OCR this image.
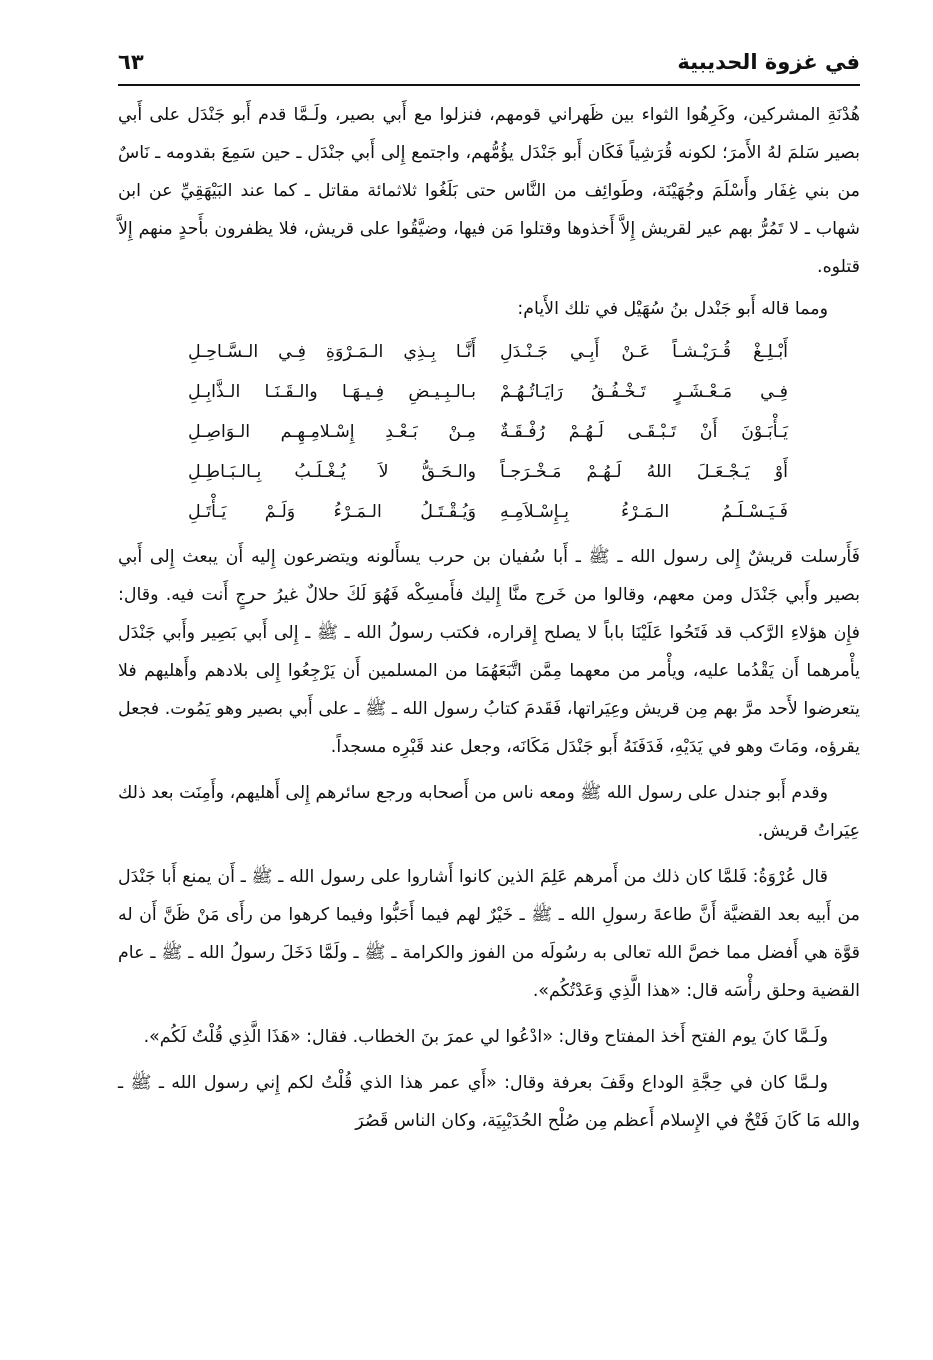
في غزوة الحديبية
٦٣

هُدْنَةِ المشركين، وكَرِهُوا الثواء بين ظَهراني قومهم، فنزلوا مع أَبي بصير، ولَـمَّا قدم أَبو جَنْدَل على أَبي بصير سَلمَ لهُ الأَمرَ؛ لكونه قُرَشِياً فَكَان أَبو جَنْدَل يؤُمُّهم، واجتمع إِلى أَبي جنْدَل ـ حين سَمِعَ بقدومه ـ نَاسٌ من بني غِفَار وأَسْلَمَ وجُهَيْنَة، وطَوائِف من النَّاس حتى بَلَغُوا ثلاثمائة مقاتل ـ كما عند البَيْهَقِيِّ عن ابن شهاب ـ لا تَمُرُّ بهم عير لقريش إِلاَّ أَخذوها وقتلوا مَن فيها، وضيَّقُوا على قريش، فلا يظفرون بأَحدٍ منهم إِلاَّ قتلوه.

ومما قاله أَبو جَنْدل بنُ سُهَيْل في تلك الأَيام:

أَبْـلِـغْ قُـرَيْـشـاً عَـنْ أَبِـي جَـنْـدَلِ
أَنَّـا بِـذِي الـمَـرْوَةِ فِـي الـسَّـاحِـلِ
فِـي مَـعْـشَـرٍ تَـخْـفُـقُ رَايَـاتُـهُـمْ
بـالـبِـيـضِ فِـيـهَـا والـقَـنَـا الـذَّابِـلِ
يَـأْبَـوْنَ أَنْ تَـبْـقَـى لَـهُـمْ رُفْـقَـةٌ
مِـنْ بَـعْـدِ إِسْـلامِـهِـم الـوَاصِـلِ
أَوْ يَـجْـعَـلَ اللهُ لَـهُـمْ مَـخْـرَجـاً
والـحَـقُّ لاَ يُـغْـلَـبُ بِـالـبَـاطِـلِ
فَـيَـسْـلَـمُ الـمَـرْءُ بِـإِسْـلاَمِـهِ
وَيُـقْـتَـلُ الـمَـرْءُ وَلَـمْ يَـأْتَـلِ

فَأَرسلت قريشٌ إِلى رسول الله ـ ﷺ ـ أَبا سُفيان بن حرب يسأَلونه ويتضرعون إِليه أَن يبعث إِلى أَبي بصير وأَبي جَنْدَل ومن معهم، وقالوا من خَرج منَّا إِليك فأَمسِكْه فَهُوَ لَكَ حلالٌ غيرُ حرجٍ أَنت فيه. وقال: فإِن هؤلاءِ الرَّكب قد فَتَحُوا عَلَيْنَا باباً لا يصلح إِقراره، فكتب رسولُ الله ـ ﷺ ـ إِلى أَبي بَصِير وأَبي جَنْدَل يأْمرهما أَن يَقْدُما عليه، ويأْمر من معهما مِمَّن اتَّبَعَهُمَا من المسلمين أَن يَرْجِعُوا إِلى بلادهم وأَهليهم فلا يتعرضوا لأَحد مرَّ بهم مِن قريش وعِيَراتها، فَقَدمَ كتابُ رسول الله ـ ﷺ ـ على أَبي بصير وهو يَمُوت. فجعل يقرؤه، ومَاتَ وهو في يَدَيْهِ، فَدَفَنَهُ أَبو جَنْدَل مَكَانَه، وجعل عند قَبْرِه مسجداً.

وقدم أَبو جندل على رسول الله ﷺ ومعه ناس من أَصحابه ورجع سائرهم إِلى أَهليهم، وأَمِنَت بعد ذلك عِيَراتُ قريش.

قال عُرْوَةُ: فَلمَّا كان ذلك من أَمرهم عَلِمَ الذين كانوا أَشاروا على رسول الله ـ ﷺ ـ أَن يمنع أَبا جَنْدَل من أَبيه بعد القضيَّة أَنَّ طاعةَ رسولِ الله ـ ﷺ ـ خَيْرٌ لهم فيما أَحَبُّوا وفيما كرهوا من رأَى مَنْ ظَنَّ أَن له قوَّة هي أَفضل مما خصَّ الله تعالى به رسُولَه من الفوز والكرامة ـ ﷺ ـ ولَمَّا دَخَلَ رسولُ الله ـ ﷺ ـ عام القضية وحلق رأْسَه قال: «هذا الَّذِي وَعَدْتُكُم».

ولَـمَّا كانَ يوم الفتح أَخذ المفتاح وقال: «ادْعُوا لي عمرَ بنَ الخطاب. فقال: «هَذَا الَّذِي قُلْتُ لَكُم».

ولـمَّا كان في حِجَّةِ الوداع وقَفَ بعرفة وقال: «أَي عمر هذا الذي قُلْتُ لكم إِني رسول الله ـ ﷺ ـ والله مَا كَانَ فَتْحٌ في الإِسلام أَعظم مِن صُلْح الحُدَيْبِيَة، وكان الناس قَصُرَ
